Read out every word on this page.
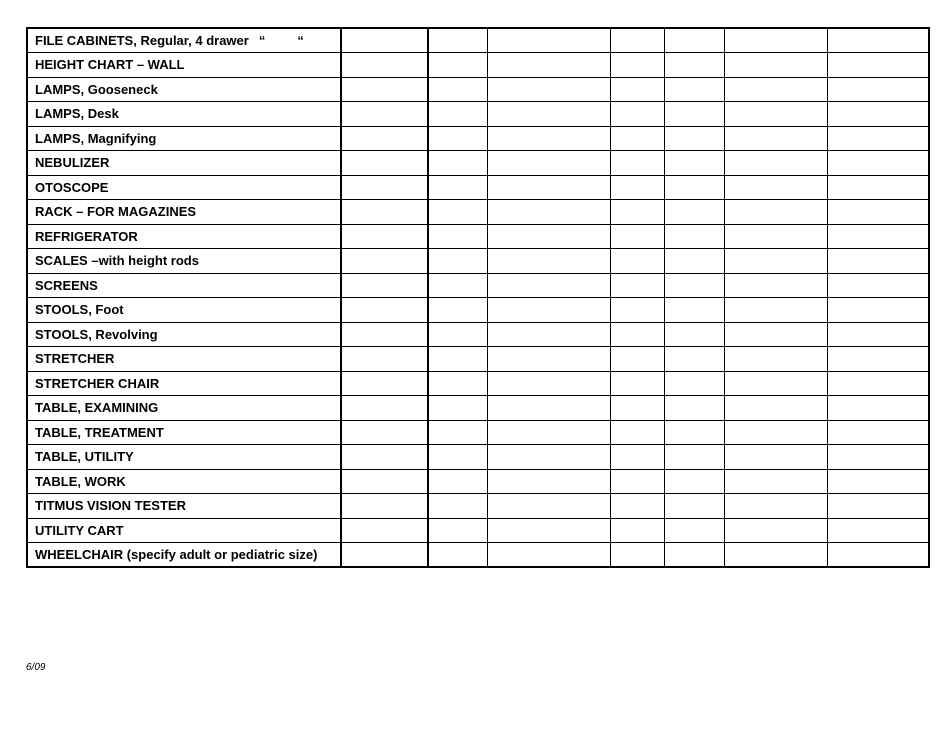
FILE CABINETS, Regular, 4 drawer “ “							
HEIGHT CHART – WALL							
LAMPS, Gooseneck							
LAMPS, Desk							
LAMPS, Magnifying							
NEBULIZER							
OTOSCOPE							
RACK – FOR MAGAZINES							
REFRIGERATOR							
SCALES –with height rods							
SCREENS							
STOOLS, Foot							
STOOLS, Revolving							
STRETCHER							
STRETCHER CHAIR							
TABLE, EXAMINING							
TABLE, TREATMENT							
TABLE, UTILITY							
TABLE, WORK							
TITMUS VISION TESTER							
UTILITY CART							
WHEELCHAIR (specify adult or pediatric size)							
6/09
